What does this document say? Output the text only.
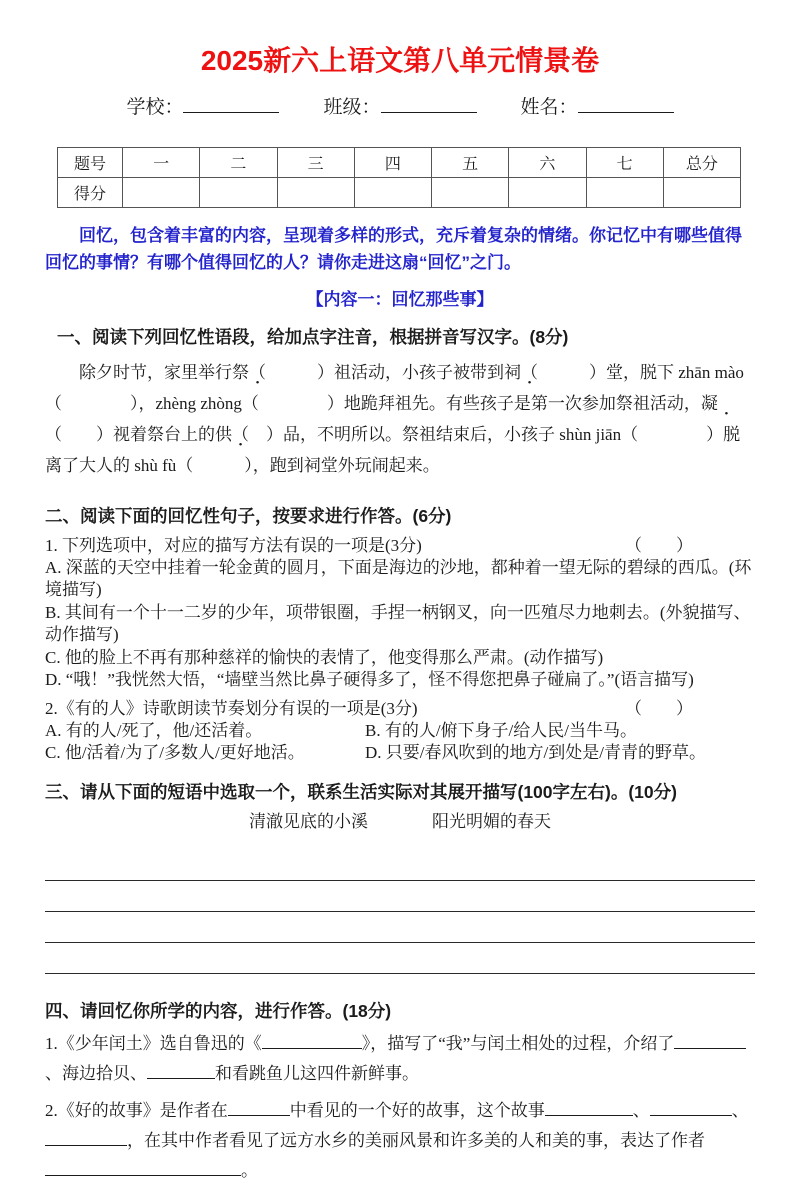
2025新六上语文第八单元情景卷
学校：	班级：	姓名：
题号	一	二	三	四	五	六	七	总分
得分								

回忆，包含着丰富的内容，呈现着多样的形式，充斥着复杂的情绪。你记忆中有哪些值得回忆的事情？有哪个值得回忆的人？请你走进这扇“回忆”之门。

【内容一：回忆那些事】

一、阅读下列回忆性语段，给加点字注音，根据拼音写汉字。(8分)

除夕时节，家里举行祭（　　　）祖活动，小孩子被带到祠（　　　）堂，脱下 zhān mào（　　　　），zhèng zhòng（　　　　）地跪拜祖先。有些孩子是第一次参加祭祖活动，凝（　　）视着祭台上的供（　）品，不明所以。祭祖结束后，小孩子 shùn jiān（　　　　）脱离了大人的 shù fù（　　　），跑到祠堂外玩闹起来。

二、阅读下面的回忆性句子，按要求进行作答。(6分)

1. 下列选项中，对应的描写方法有误的一项是(3分)	（　　）

A. 深蓝的天空中挂着一轮金黄的圆月，下面是海边的沙地，都种着一望无际的碧绿的西瓜。(环境描写)

B. 其间有一个十一二岁的少年，项带银圈，手捏一柄钢叉，向一匹殖尽力地刺去。(外貌描写、动作描写)

C. 他的脸上不再有那种慈祥的愉快的表情了，他变得那么严肃。(动作描写)

D. “哦！”我恍然大悟，“墙壁当然比鼻子硬得多了，怪不得您把鼻子碰扁了。”(语言描写)

2.《有的人》诗歌朗读节奏划分有误的一项是(3分)	（　　）
A. 有的人/死了，他/还活着。	B. 有的人/俯下身子/给人民/当牛马。
C. 他/活着/为了/多数人/更好地活。	D. 只要/春风吹到的地方/到处是/青青的野草。

三、请从下面的短语中选取一个，联系生活实际对其展开描写(100字左右)。(10分)

清澈见底的小溪	阳光明媚的春天

四、请回忆你所学的内容，进行作答。(18分)

1.《少年闰土》选自鲁迅的《	》，描写了“我”与闰土相处的过程，介绍了、海边拾贝、	和看跳鱼儿这四件新鲜事。

2.《好的故事》是作者在	中看见的一个好的故事，这个故事	、	、，在其中作者看见了远方水乡的美丽风景和许多美的人和美的事，表达了作者。
